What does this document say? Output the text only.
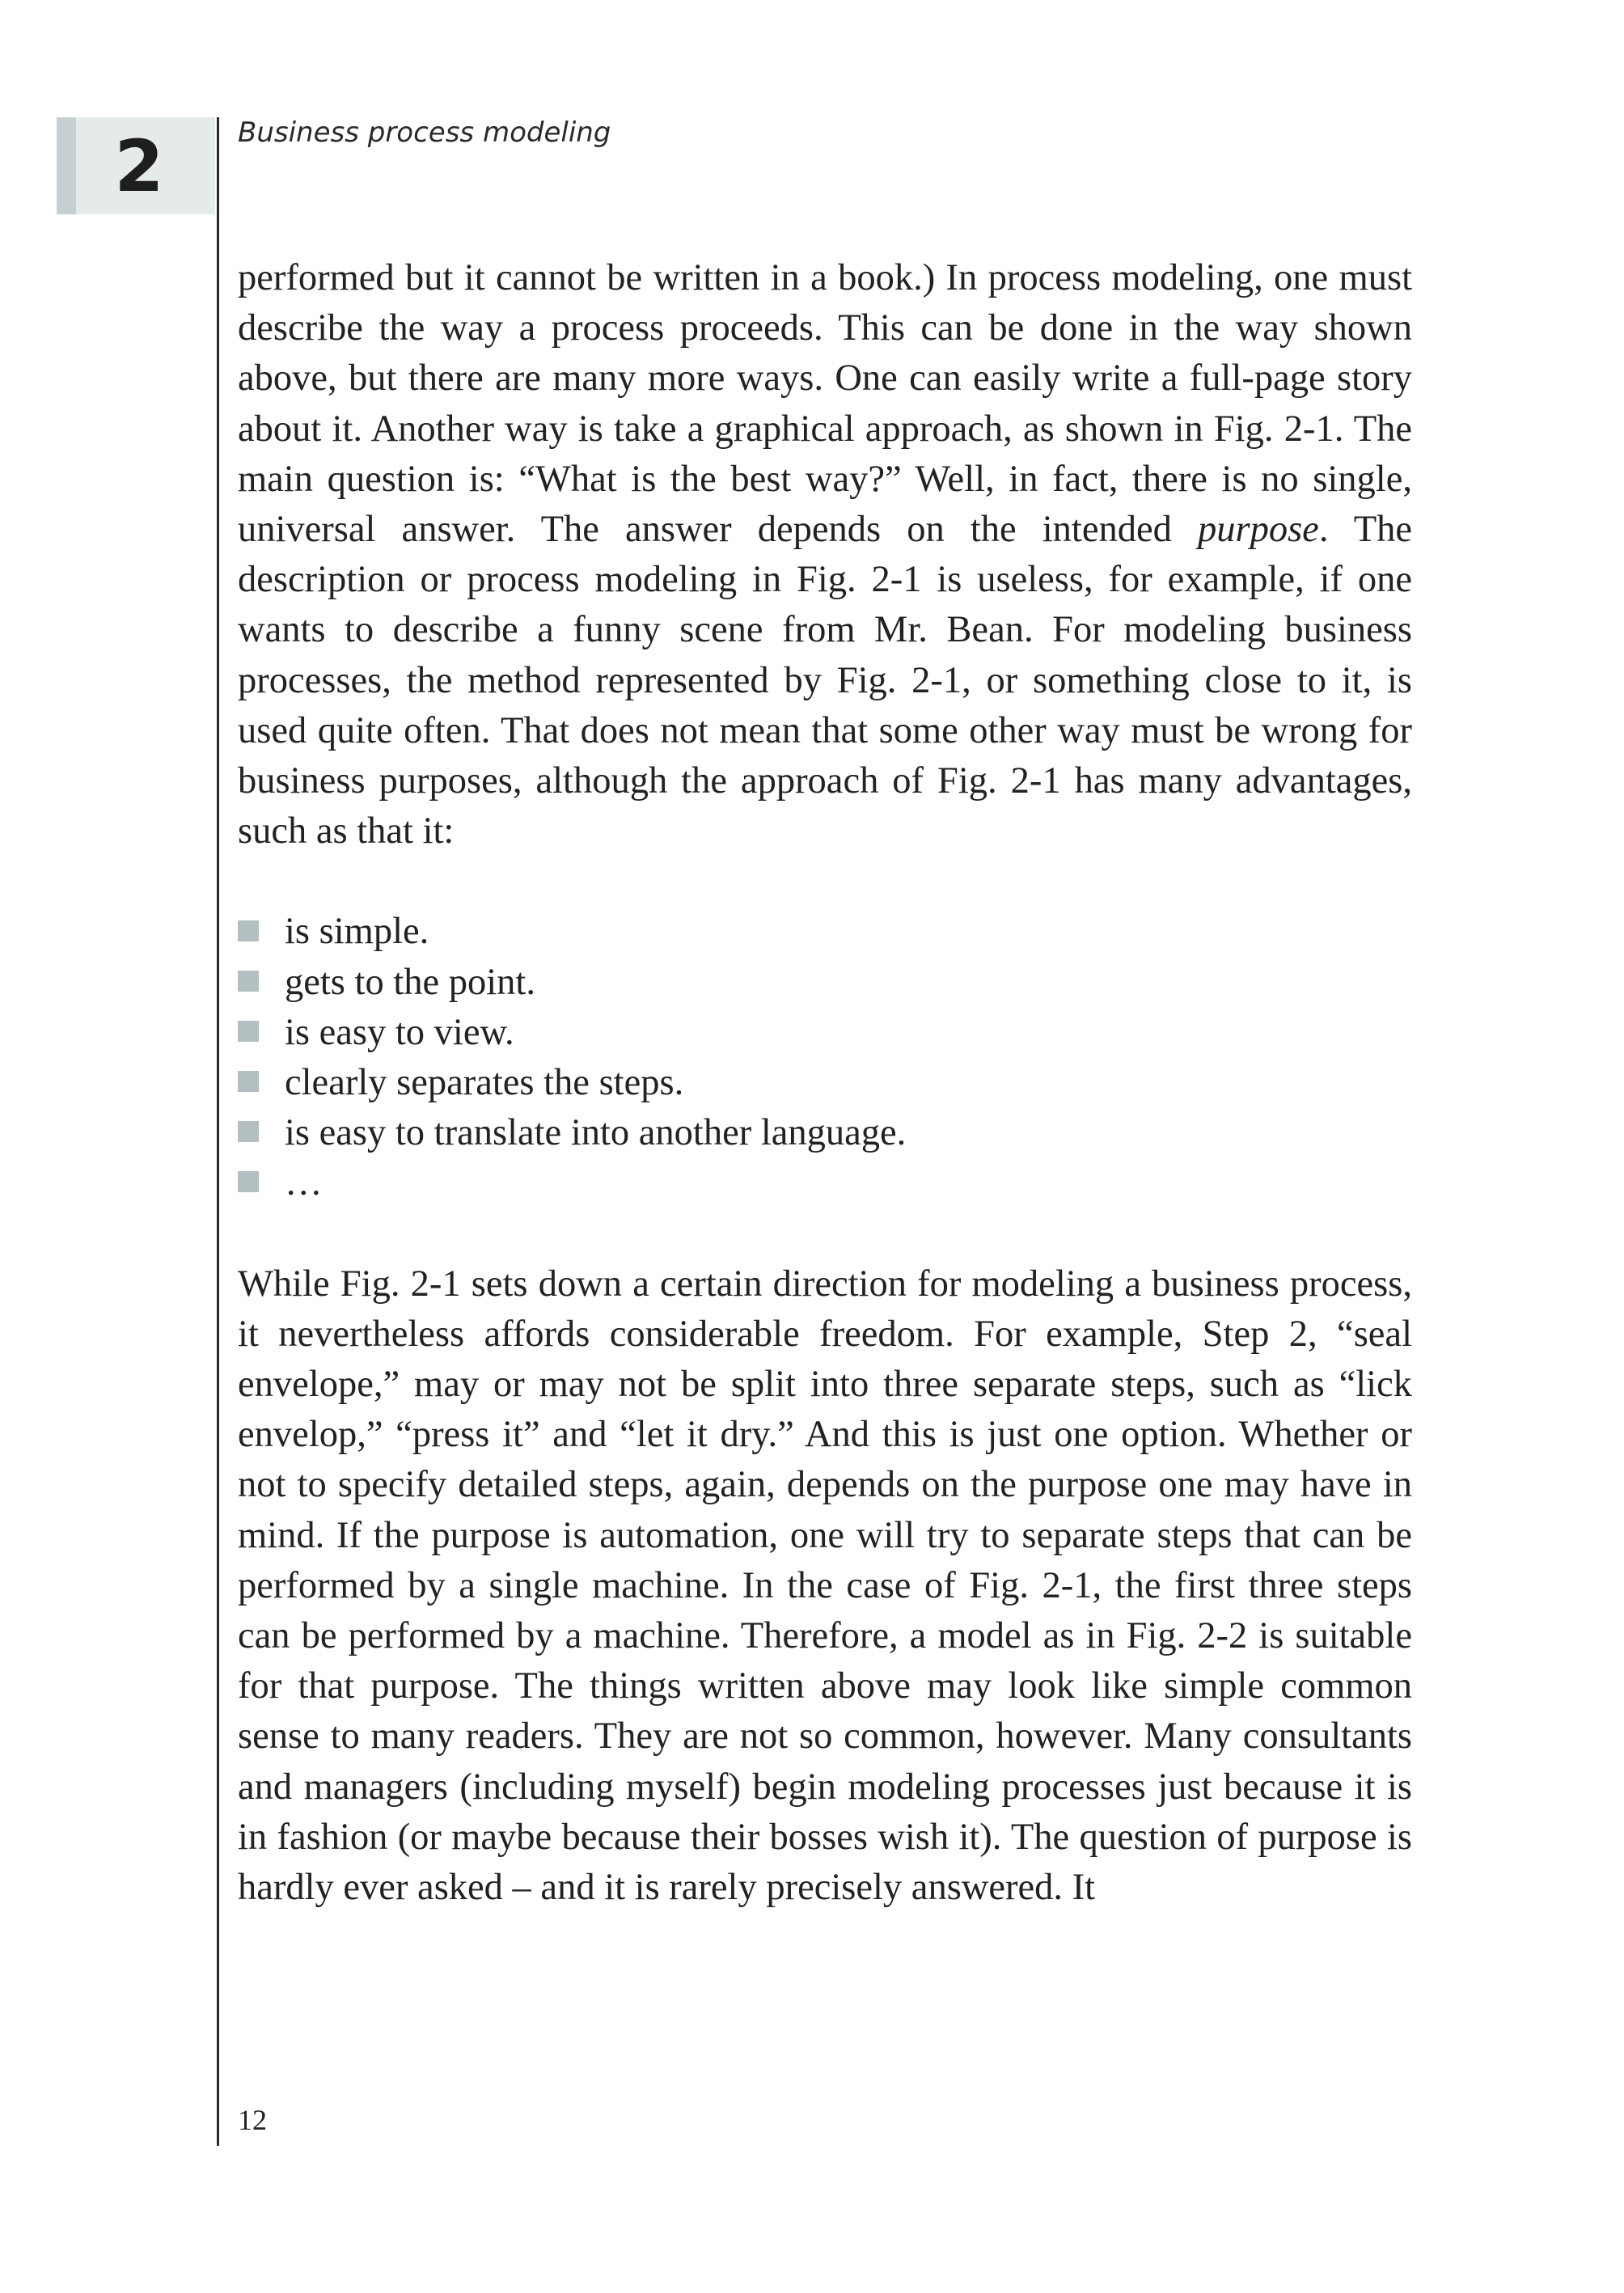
2	Business process modeling

performed but it cannot be written in a book.) In process modeling, one must describe the way a process proceeds. This can be done in the way shown above, but there are many more ways. One can easily write a full-page story about it. Another way is take a graphical approach, as shown in Fig. 2-1. The main question is: “What is the best way?” Well, in fact, there is no single, universal answer. The answer depends on the intended purpose. The description or process modeling in Fig. 2-1 is useless, for example, if one wants to describe a funny scene from Mr. Bean. For modeling business processes, the method represented by Fig. 2-1, or something close to it, is used quite often. That does not mean that some other way must be wrong for business purposes, although the approach of Fig. 2-1 has many advantages, such as that it:

is simple.
gets to the point.
is easy to view.
clearly separates the steps.
is easy to translate into another language.
…

While Fig. 2-1 sets down a certain direction for modeling a business process, it nevertheless affords considerable freedom. For example, Step 2, “seal envelope,” may or may not be split into three separate steps, such as “lick envelop,” “press it” and “let it dry.” And this is just one option. Whether or not to specify detailed steps, again, depends on the purpose one may have in mind. If the purpose is automation, one will try to separate steps that can be performed by a single machine. In the case of Fig. 2-1, the first three steps can be performed by a machine. Therefore, a model as in Fig. 2-2 is suitable for that purpose. The things written above may look like simple common sense to many readers. They are not so common, however. Many consultants and managers (including myself) begin modeling processes just because it is in fashion (or maybe because their bosses wish it). The question of purpose is hardly ever asked – and it is rarely precisely answered. It

12
